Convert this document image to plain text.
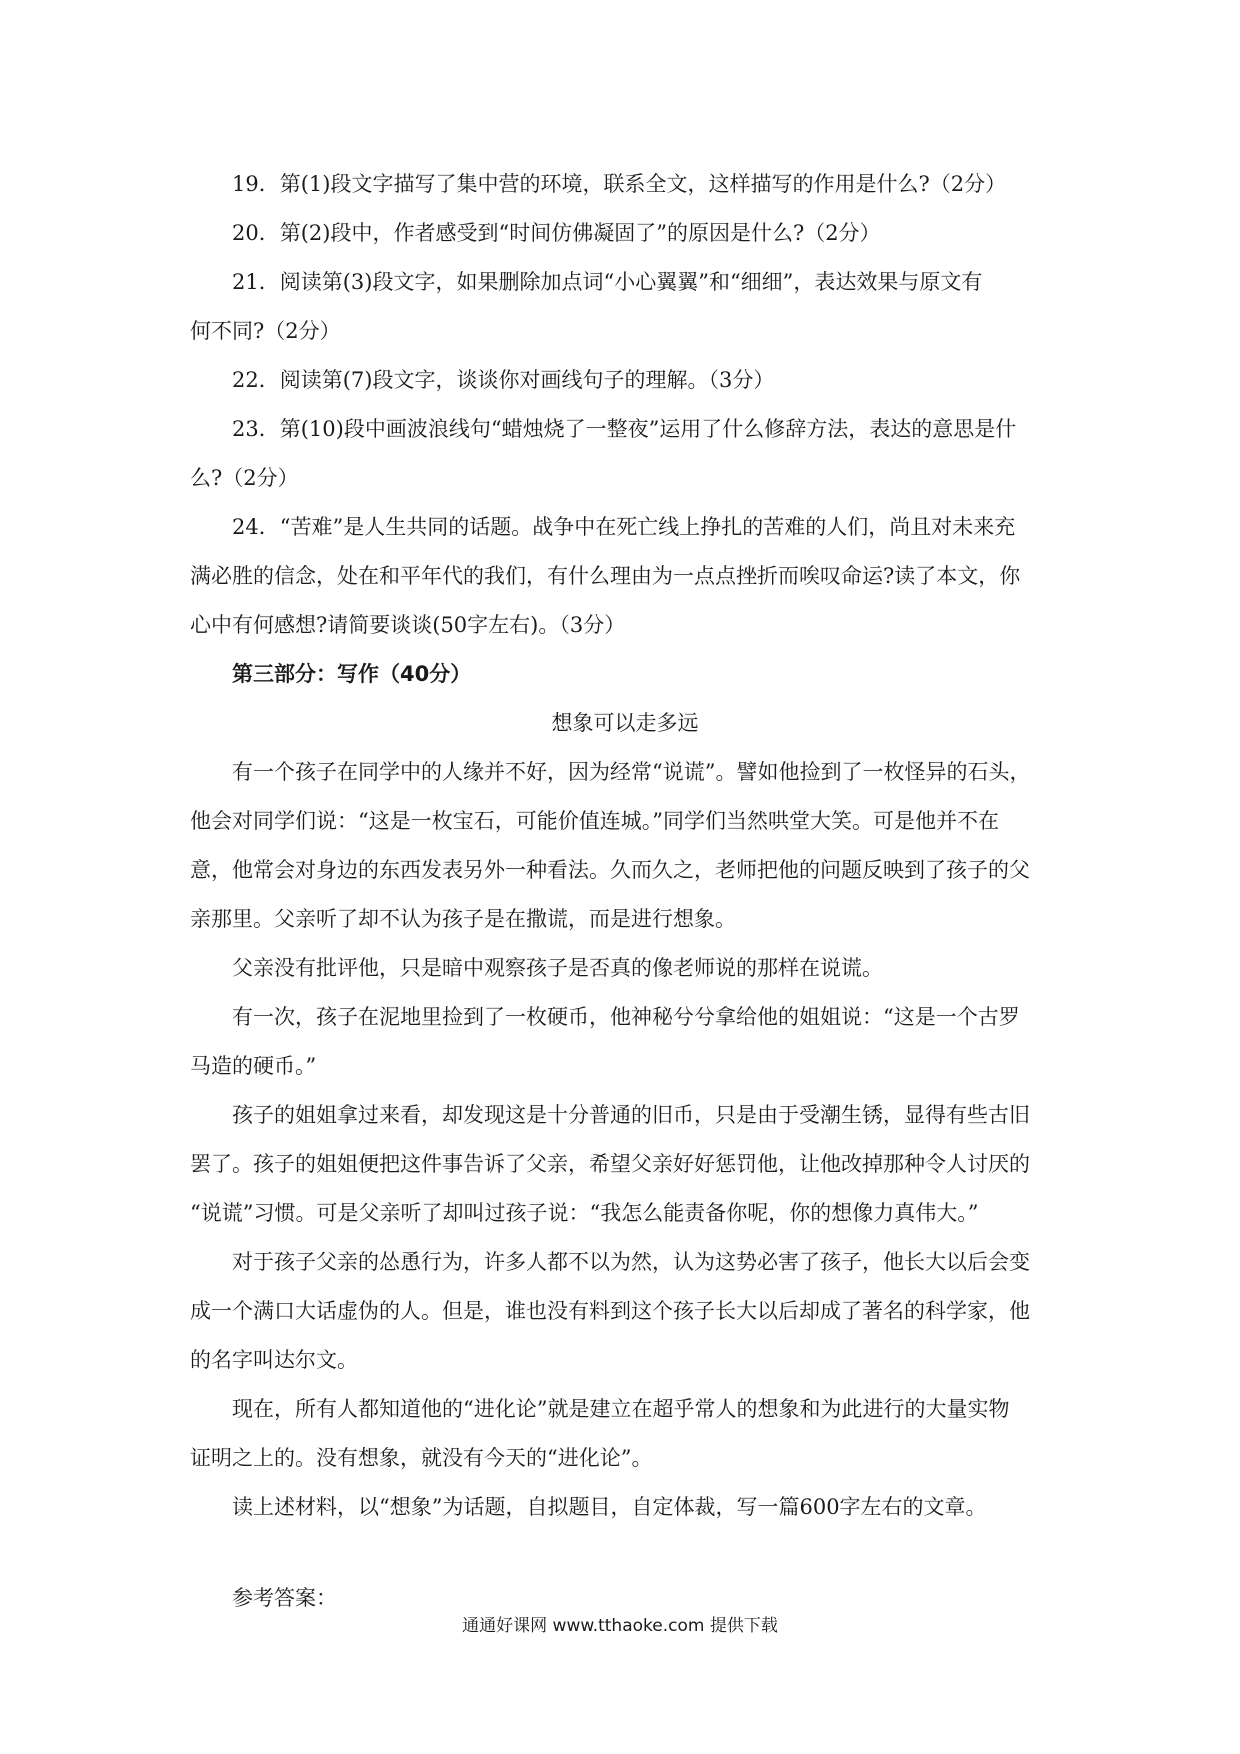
19．第(1)段文字描写了集中营的环境，联系全文，这样描写的作用是什么?（2分）

20．第(2)段中，作者感受到“时间仿佛凝固了”的原因是什么?（2分）

21．阅读第(3)段文字，如果删除加点词“小心翼翼”和“细细”，表达效果与原文有
何不同?（2分）

22．阅读第(7)段文字，谈谈你对画线句子的理解。（3分）

23．第(10)段中画波浪线句“蜡烛烧了一整夜”运用了什么修辞方法，表达的意思是什
么?（2分）

24．“苦难”是人生共同的话题。战争中在死亡线上挣扎的苦难的人们，尚且对未来充
满必胜的信念，处在和平年代的我们，有什么理由为一点点挫折而唉叹命运?读了本文，你
心中有何感想?请简要谈谈(50字左右)。（3分）

第三部分：写作（40分）

想象可以走多远

有一个孩子在同学中的人缘并不好，因为经常“说谎”。譬如他捡到了一枚怪异的石头，
他会对同学们说：“这是一枚宝石，可能价值连城。”同学们当然哄堂大笑。可是他并不在
意，他常会对身边的东西发表另外一种看法。久而久之，老师把他的问题反映到了孩子的父
亲那里。父亲听了却不认为孩子是在撒谎，而是进行想象。

父亲没有批评他，只是暗中观察孩子是否真的像老师说的那样在说谎。

有一次，孩子在泥地里捡到了一枚硬币，他神秘兮兮拿给他的姐姐说：“这是一个古罗
马造的硬币。”

孩子的姐姐拿过来看，却发现这是十分普通的旧币，只是由于受潮生锈，显得有些古旧
罢了。孩子的姐姐便把这件事告诉了父亲，希望父亲好好惩罚他，让他改掉那种令人讨厌的
“说谎”习惯。可是父亲听了却叫过孩子说：“我怎么能责备你呢，你的想像力真伟大。”

对于孩子父亲的怂恿行为，许多人都不以为然，认为这势必害了孩子，他长大以后会变
成一个满口大话虚伪的人。但是，谁也没有料到这个孩子长大以后却成了著名的科学家，他
的名字叫达尔文。

现在，所有人都知道他的“进化论”就是建立在超乎常人的想象和为此进行的大量实物
证明之上的。没有想象，就没有今天的“进化论”。

读上述材料，以“想象”为话题，自拟题目，自定体裁，写一篇600字左右的文章。

参考答案：

通通好课网 www.tthaoke.com 提供下载
